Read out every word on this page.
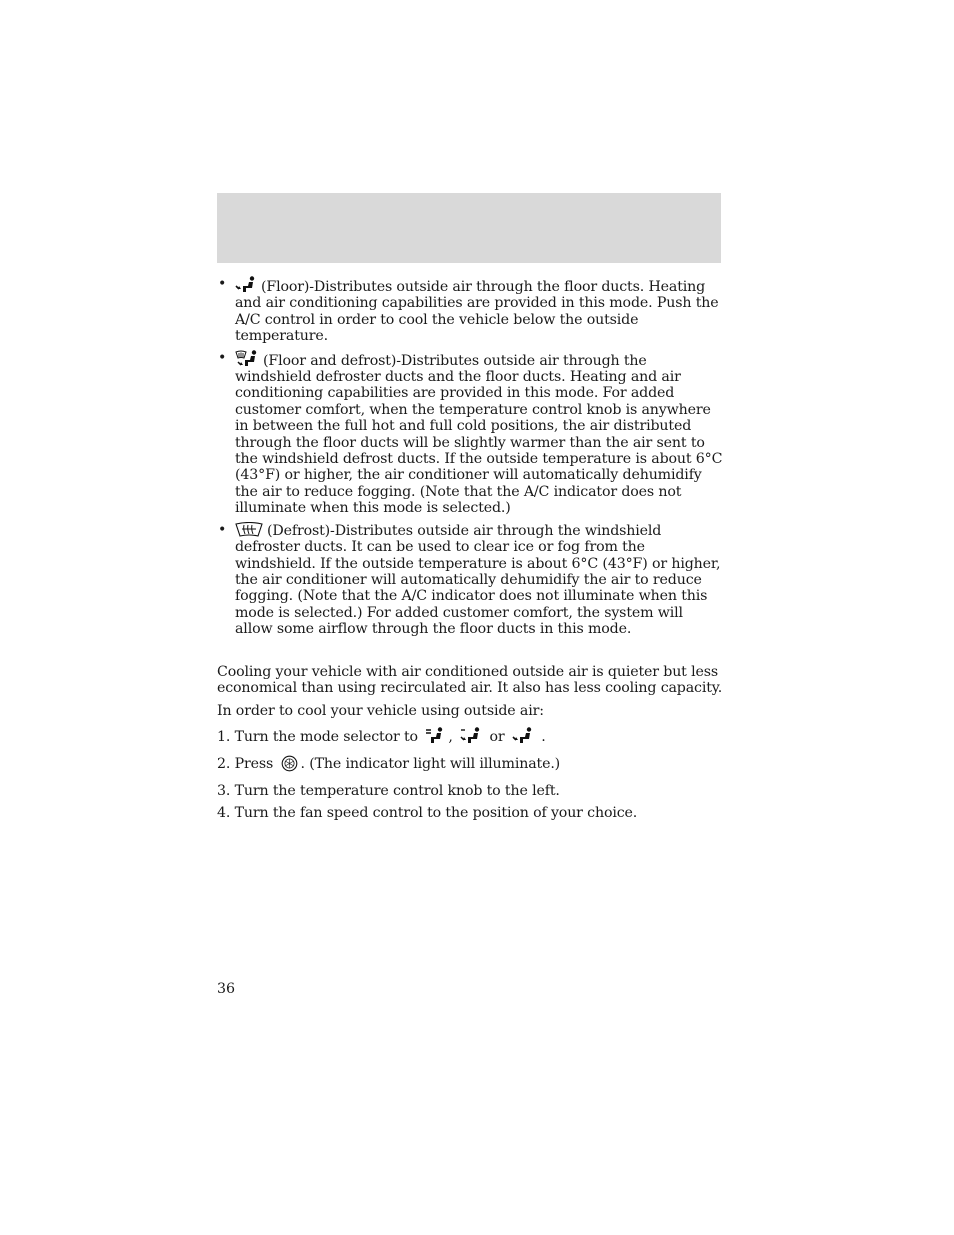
• (Floor)-Distributes outside air through the floor ducts. Heating and air conditioning capabilities are provided in this mode. Push the A/C control in order to cool the vehicle below the outside temperature.
•	(Floor and defrost)-Distributes outside air through the windshield defroster ducts and the floor ducts. Heating and air conditioning capabilities are provided in this mode. For added customer comfort, when the temperature control knob is anywhere in between the full hot and full cold positions, the air distributed through the floor ducts will be slightly warmer than the air sent to the windshield defrost ducts. If the outside temperature is about 6°C (43°F) or higher, the air conditioner will automatically dehumidify the air to reduce fogging. (Note that the A/C indicator does not illuminate when this mode is selected.)
•	(Defrost)-Distributes outside air through the windshield defroster ducts. It can be used to clear ice or fog from the windshield. If the outside temperature is about 6°C (43°F) or higher, the air conditioner will automatically dehumidify the air to reduce fogging. (Note that the A/C indicator does not illuminate when this mode is selected.) For added customer comfort, the system will allow some airflow through the floor ducts in this mode.

Cooling your vehicle with air conditioned outside air is quieter but less economical than using recirculated air. It also has less cooling capacity.

In order to cool your vehicle using outside air:

1. Turn the mode selector to ,	or	.
2. Press . (The indicator light will illuminate.)
3. Turn the temperature control knob to the left.
4. Turn the fan speed control to the position of your choice.
36
